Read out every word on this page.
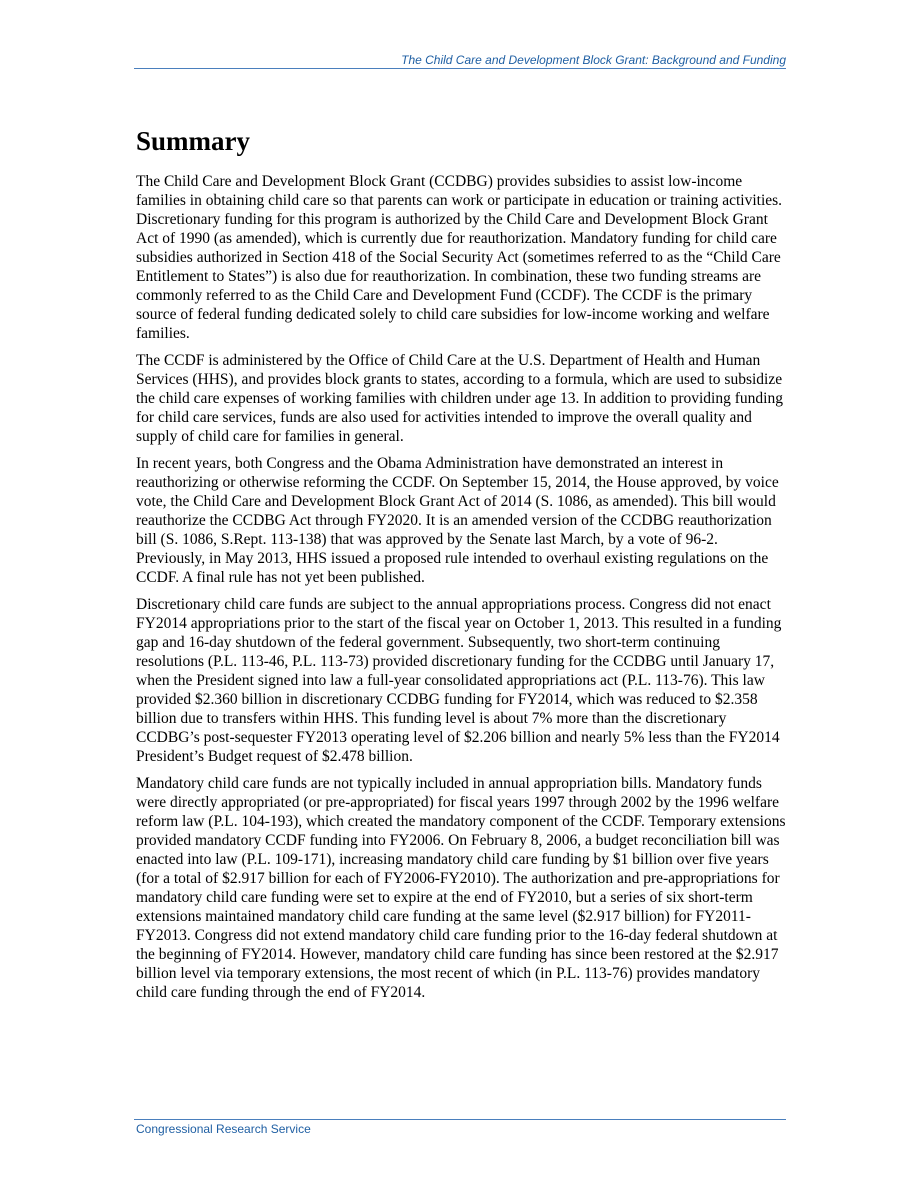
The Child Care and Development Block Grant: Background and Funding
Summary

The Child Care and Development Block Grant (CCDBG) provides subsidies to assist low-income families in obtaining child care so that parents can work or participate in education or training activities. Discretionary funding for this program is authorized by the Child Care and Development Block Grant Act of 1990 (as amended), which is currently due for reauthorization. Mandatory funding for child care subsidies authorized in Section 418 of the Social Security Act (sometimes referred to as the “Child Care Entitlement to States”) is also due for reauthorization. In combination, these two funding streams are commonly referred to as the Child Care and Development Fund (CCDF). The CCDF is the primary source of federal funding dedicated solely to child care subsidies for low-income working and welfare families.

The CCDF is administered by the Office of Child Care at the U.S. Department of Health and Human Services (HHS), and provides block grants to states, according to a formula, which are used to subsidize the child care expenses of working families with children under age 13. In addition to providing funding for child care services, funds are also used for activities intended to improve the overall quality and supply of child care for families in general.

In recent years, both Congress and the Obama Administration have demonstrated an interest in reauthorizing or otherwise reforming the CCDF. On September 15, 2014, the House approved, by voice vote, the Child Care and Development Block Grant Act of 2014 (S. 1086, as amended). This bill would reauthorize the CCDBG Act through FY2020. It is an amended version of the CCDBG reauthorization bill (S. 1086, S.Rept. 113-138) that was approved by the Senate last March, by a vote of 96-2. Previously, in May 2013, HHS issued a proposed rule intended to overhaul existing regulations on the CCDF. A final rule has not yet been published.

Discretionary child care funds are subject to the annual appropriations process. Congress did not enact FY2014 appropriations prior to the start of the fiscal year on October 1, 2013. This resulted in a funding gap and 16-day shutdown of the federal government. Subsequently, two short-term continuing resolutions (P.L. 113-46, P.L. 113-73) provided discretionary funding for the CCDBG until January 17, when the President signed into law a full-year consolidated appropriations act (P.L. 113-76). This law provided $2.360 billion in discretionary CCDBG funding for FY2014, which was reduced to $2.358 billion due to transfers within HHS. This funding level is about 7% more than the discretionary CCDBG’s post-sequester FY2013 operating level of $2.206 billion and nearly 5% less than the FY2014 President’s Budget request of $2.478 billion.

Mandatory child care funds are not typically included in annual appropriation bills. Mandatory funds were directly appropriated (or pre-appropriated) for fiscal years 1997 through 2002 by the 1996 welfare reform law (P.L. 104-193), which created the mandatory component of the CCDF. Temporary extensions provided mandatory CCDF funding into FY2006. On February 8, 2006, a budget reconciliation bill was enacted into law (P.L. 109-171), increasing mandatory child care funding by $1 billion over five years (for a total of $2.917 billion for each of FY2006-FY2010). The authorization and pre-appropriations for mandatory child care funding were set to expire at the end of FY2010, but a series of six short-term extensions maintained mandatory child care funding at the same level ($2.917 billion) for FY2011-FY2013. Congress did not extend mandatory child care funding prior to the 16-day federal shutdown at the beginning of FY2014. However, mandatory child care funding has since been restored at the $2.917 billion level via temporary extensions, the most recent of which (in P.L. 113-76) provides mandatory child care funding through the end of FY2014.

Congressional Research Service
